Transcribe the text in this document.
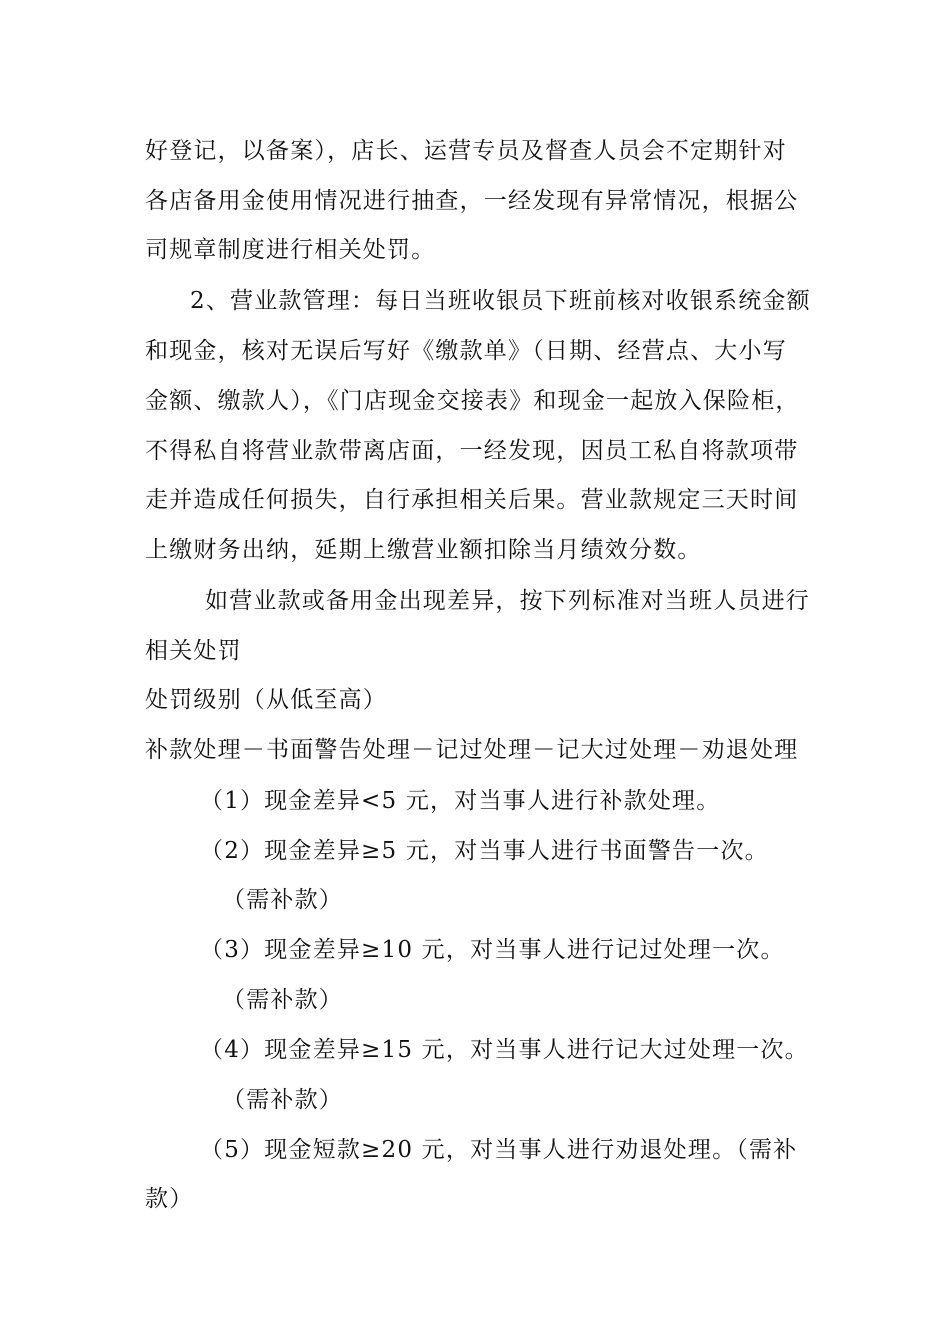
好登记，以备案），店长、运营专员及督查人员会不定期针对
各店备用金使用情况进行抽查，一经发现有异常情况，根据公
司规章制度进行相关处罚。
2、营业款管理：每日当班收银员下班前核对收银系统金额
和现金，核对无误后写好《缴款单》（日期、经营点、大小写
金额、缴款人），《门店现金交接表》和现金一起放入保险柜，
不得私自将营业款带离店面，一经发现，因员工私自将款项带
走并造成任何损失，自行承担相关后果。营业款规定三天时间
上缴财务出纳，延期上缴营业额扣除当月绩效分数。
如营业款或备用金出现差异，按下列标准对当班人员进行
相关处罚
处罚级别（从低至高）
补款处理－书面警告处理－记过处理－记大过处理－劝退处理
（1）现金差异<5 元，对当事人进行补款处理。
（2）现金差异≥5 元，对当事人进行书面警告一次。
（需补款）
（3）现金差异≥10 元，对当事人进行记过处理一次。
（需补款）
（4）现金差异≥15 元，对当事人进行记大过处理一次。
（需补款）
（5）现金短款≥20 元，对当事人进行劝退处理。（需补
款）
